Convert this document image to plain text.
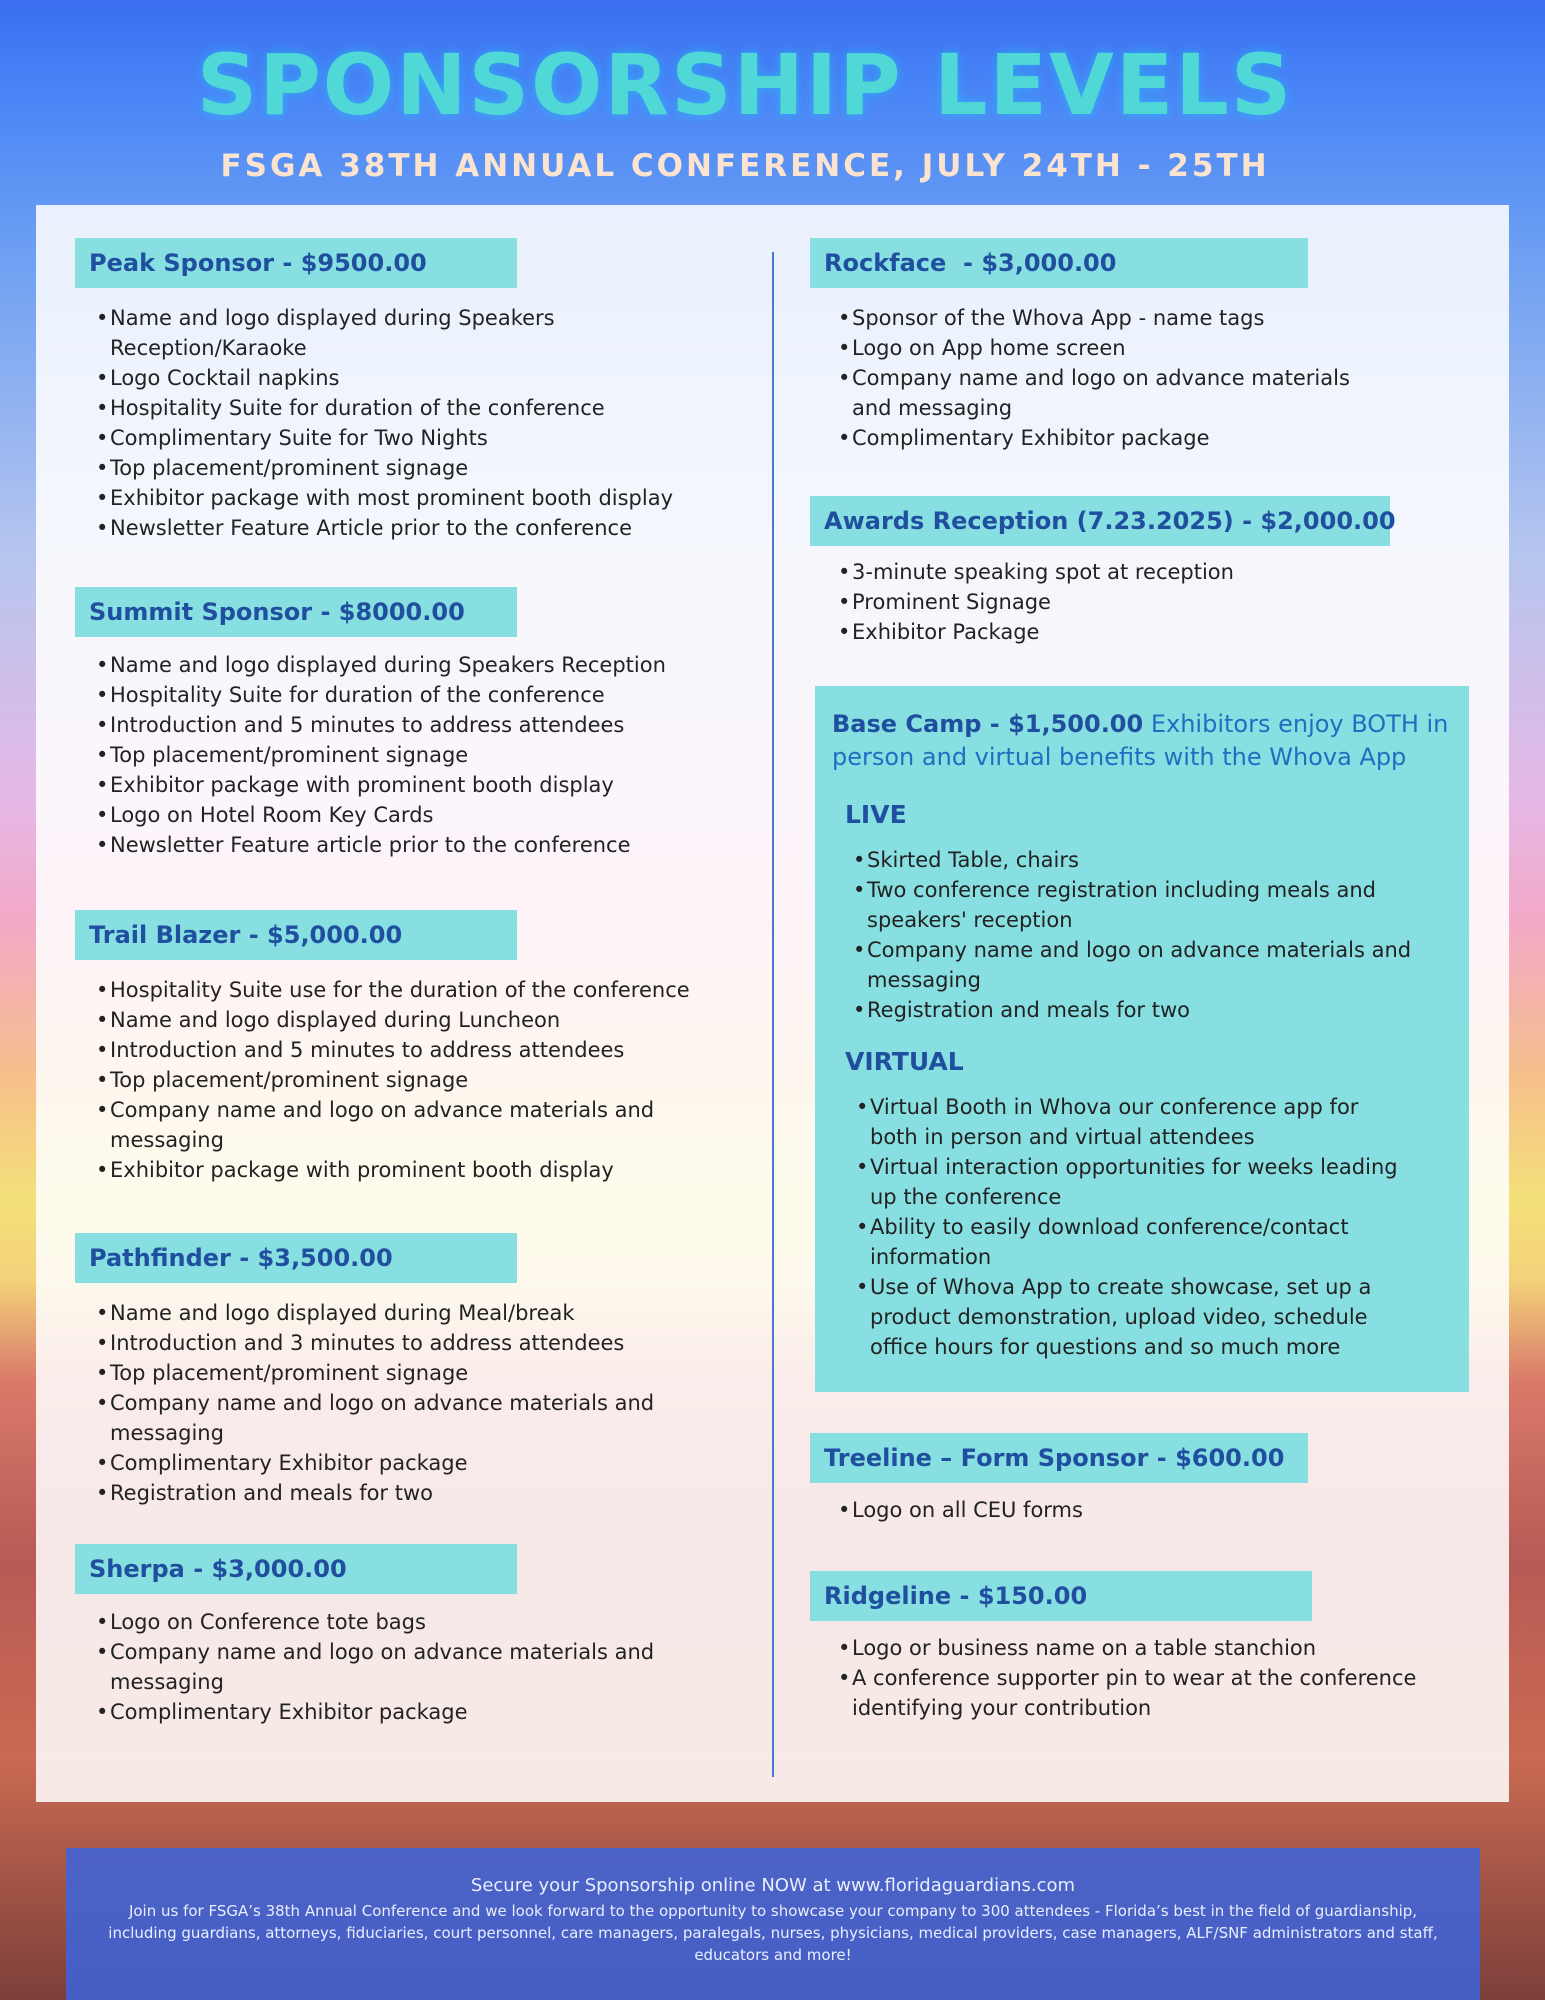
SPONSORSHIP LEVELS
FSGA 38TH ANNUAL CONFERENCE, JULY 24TH - 25TH
Peak Sponsor - $9500.00
• Name and logo displayed during Speakers
Reception/Karaoke
• Logo Cocktail napkins
• Hospitality Suite for duration of the conference
• Complimentary Suite for Two Nights
• Top placement/prominent signage
• Exhibitor package with most prominent booth display
• Newsletter Feature Article prior to the conference
Summit Sponsor - $8000.00
• Name and logo displayed during Speakers Reception
• Hospitality Suite for duration of the conference
• Introduction and 5 minutes to address attendees
• Top placement/prominent signage
• Exhibitor package with prominent booth display
• Logo on Hotel Room Key Cards
• Newsletter Feature article prior to the conference
Trail Blazer - $5,000.00
• Hospitality Suite use for the duration of the conference
• Name and logo displayed during Luncheon
• Introduction and 5 minutes to address attendees
• Top placement/prominent signage
• Company name and logo on advance materials and
messaging
• Exhibitor package with prominent booth display
Pathfinder - $3,500.00
• Name and logo displayed during Meal/break
• Introduction and 3 minutes to address attendees
• Top placement/prominent signage
• Company name and logo on advance materials and
messaging
• Complimentary Exhibitor package
• Registration and meals for two
Sherpa - $3,000.00
• Logo on Conference tote bags
• Company name and logo on advance materials and
messaging
• Complimentary Exhibitor package
Rockface  - $3,000.00
• Sponsor of the Whova App - name tags
• Logo on App home screen
• Company name and logo on advance materials
and messaging
• Complimentary Exhibitor package
Awards Reception (7.23.2025) - $2,000.00
• 3-minute speaking spot at reception
• Prominent Signage
• Exhibitor Package
Base Camp - $1,500.00 Exhibitors enjoy BOTH in person and virtual benefits with the Whova App
LIVE
• Skirted Table, chairs
• Two conference registration including meals and
speakers' reception
• Company name and logo on advance materials and
messaging
• Registration and meals for two
VIRTUAL
• Virtual Booth in Whova our conference app for
both in person and virtual attendees
• Virtual interaction opportunities for weeks leading
up the conference
• Ability to easily download conference/contact
information
• Use of Whova App to create showcase, set up a
product demonstration, upload video, schedule
office hours for questions and so much more
Treeline – Form Sponsor - $600.00
• Logo on all CEU forms
Ridgeline - $150.00
• Logo or business name on a table stanchion
• A conference supporter pin to wear at the conference
identifying your contribution
Secure your Sponsorship online NOW at www.floridaguardians.com
Join us for FSGA’s 38th Annual Conference and we look forward to the opportunity to showcase your company to 300 attendees - Florida’s best in the field of guardianship, including guardians, attorneys, fiduciaries, court personnel, care managers, paralegals, nurses, physicians, medical providers, case managers, ALF/SNF administrators and staff, educators and more!
